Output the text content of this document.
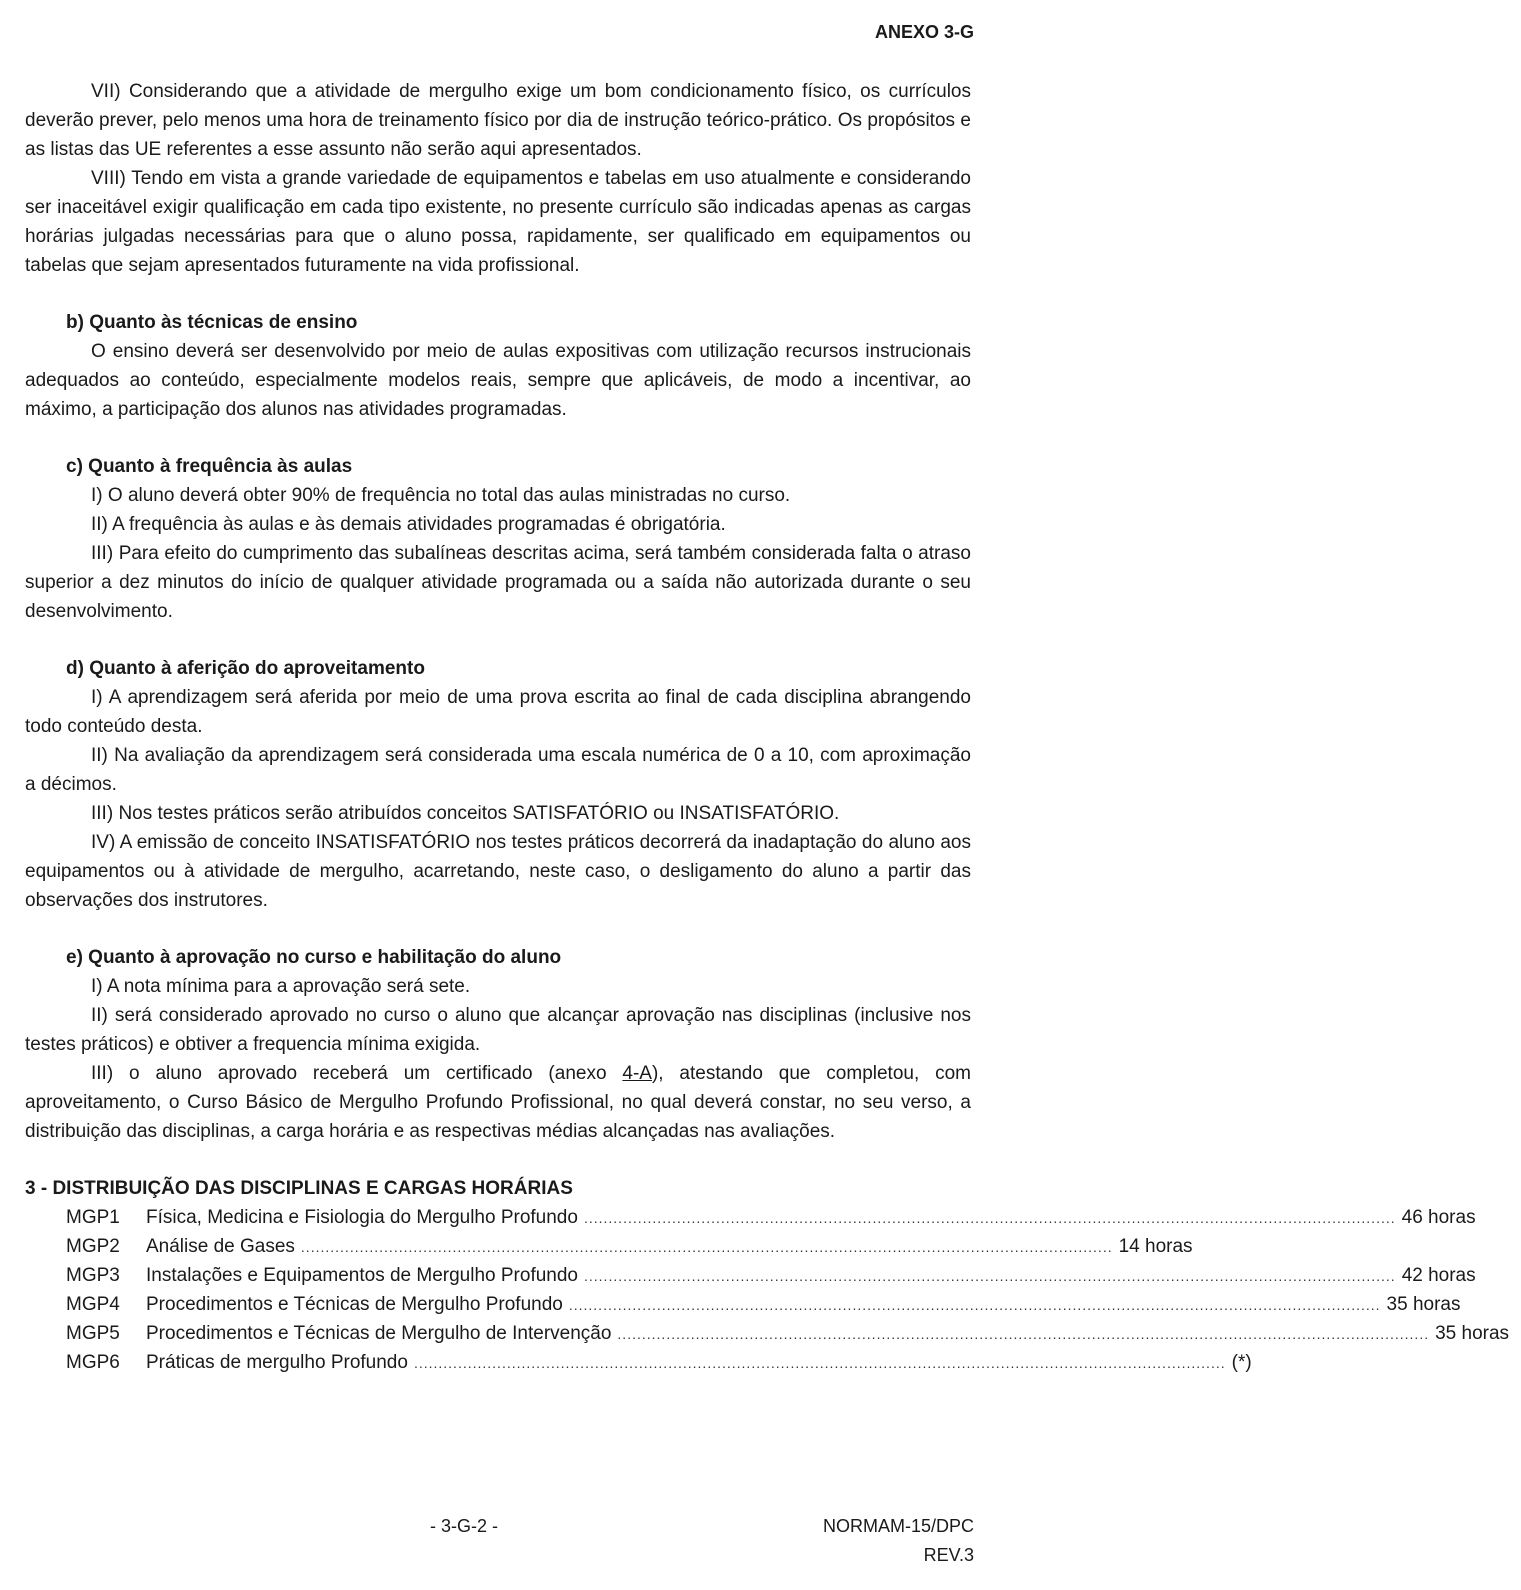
ANEXO 3-G

VII) Considerando que a atividade de mergulho exige um bom condicionamento físico, os currículos deverão prever, pelo menos uma hora de treinamento físico por dia de instrução teórico-prático. Os propósitos e as listas das UE referentes a esse assunto não serão aqui apresentados.

VIII) Tendo em vista a grande variedade de equipamentos e tabelas em uso atualmente e considerando ser inaceitável exigir qualificação em cada tipo existente, no presente currículo são indicadas apenas as cargas horárias julgadas necessárias para que o aluno possa, rapidamente, ser qualificado em equipamentos ou tabelas que sejam apresentados futuramente na vida profissional.

b) Quanto às técnicas de ensino

O ensino deverá ser desenvolvido por meio de aulas expositivas com utilização recursos instrucionais adequados ao conteúdo, especialmente modelos reais, sempre que aplicáveis, de modo a incentivar, ao máximo, a participação dos alunos nas atividades programadas.

c) Quanto à frequência às aulas

I) O aluno deverá obter 90% de frequência no total das aulas ministradas no curso.

II) A frequência às aulas e às demais atividades programadas é obrigatória.

III) Para efeito do cumprimento das subalíneas descritas acima, será também considerada falta o atraso superior a dez minutos do início de qualquer atividade programada ou a saída não autorizada durante o seu desenvolvimento.

d) Quanto à aferição do aproveitamento

I) A aprendizagem será aferida por meio de uma prova escrita ao final de cada disciplina abrangendo todo conteúdo desta.

II) Na avaliação da aprendizagem será considerada uma escala numérica de 0 a 10, com aproximação a décimos.

III) Nos testes práticos serão atribuídos conceitos SATISFATÓRIO ou INSATISFATÓRIO.

IV) A emissão de conceito INSATISFATÓRIO nos testes práticos decorrerá da inadaptação do aluno aos equipamentos ou à atividade de mergulho, acarretando, neste caso, o desligamento do aluno a partir das observações dos instrutores.

e) Quanto à aprovação no curso e habilitação do aluno

I) A nota mínima para a aprovação será sete.

II) será considerado aprovado no curso o aluno que alcançar aprovação nas disciplinas (inclusive nos testes práticos) e obtiver a frequencia mínima exigida.

III) o aluno aprovado receberá um certificado (anexo 4-A), atestando que completou, com aproveitamento, o Curso Básico de Mergulho Profundo Profissional, no qual deverá constar, no seu verso, a distribuição das disciplinas, a carga horária e as respectivas médias alcançadas nas avaliações.

3 - DISTRIBUIÇÃO DAS DISCIPLINAS E CARGAS HORÁRIAS
MGP1	Física, Medicina e Fisiologia do Mergulho Profundo ...................................................................................................................................................................... 46 horas
MGP2	Análise de Gases ...................................................................................................................................................................... 14 horas
MGP3	Instalações e Equipamentos de Mergulho Profundo ...................................................................................................................................................................... 42 horas
MGP4	Procedimentos e Técnicas de Mergulho Profundo ...................................................................................................................................................................... 35 horas
MGP5	Procedimentos e Técnicas de Mergulho de Intervenção ...................................................................................................................................................................... 35 horas
MGP6	Práticas de mergulho Profundo ...................................................................................................................................................................... (*)
- 3-G-2 -	NORMAM-15/DPC
REV.3
